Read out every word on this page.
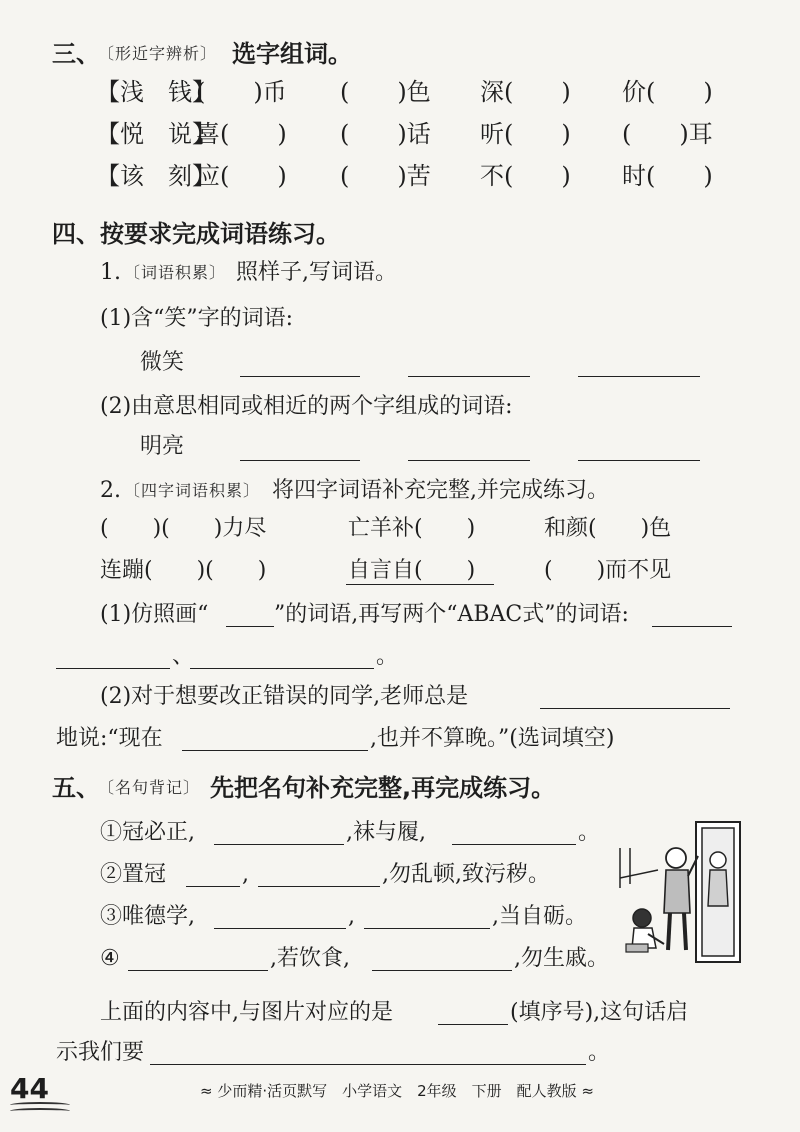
三、
〔形近字辨析〕 选字组词。
【浅　钱】
(　　)币 (　　)色 深(　　) 价(　　)
【悦　说】
喜(　　) (　　)话 听(　　) (　　)耳
【该　刻】
应(　　) (　　)苦 不(　　) 时(　　)
四、按要求完成词语练习。
1. 〔词语积累〕 照样子,写词语。
(1)含“笑”字的词语:
微笑
(2)由意思相同或相近的两个字组成的词语:
明亮
2. 〔四字词语积累〕 将四字词语补充完整,并完成练习。
(　　)(　　)力尽	亡羊补(　　)	和颜(　　)色
连蹦(　　)(　　)	自言自(　　)	(　　)而不见
(1)仿照画“	”的词语,再写两个“ABAC式”的词语:
、	。
(2)对于想要改正错误的同学,老师总是
地说:“现在	,也并不算晚。”(选词填空)
五、
〔名句背记〕 先把名句补充完整,再完成练习。
①冠必正,	,袜与履,	。
②置冠	,	,勿乱顿,致污秽。
③唯德学,	,	,当自砺。
④	,若饮食,	,勿生戚。
上面的内容中,与图片对应的是	(填序号),这句话启
示我们要	。
44	≈ 少而精·活页默写　小学语文　2年级　下册　配人教版 ≈
